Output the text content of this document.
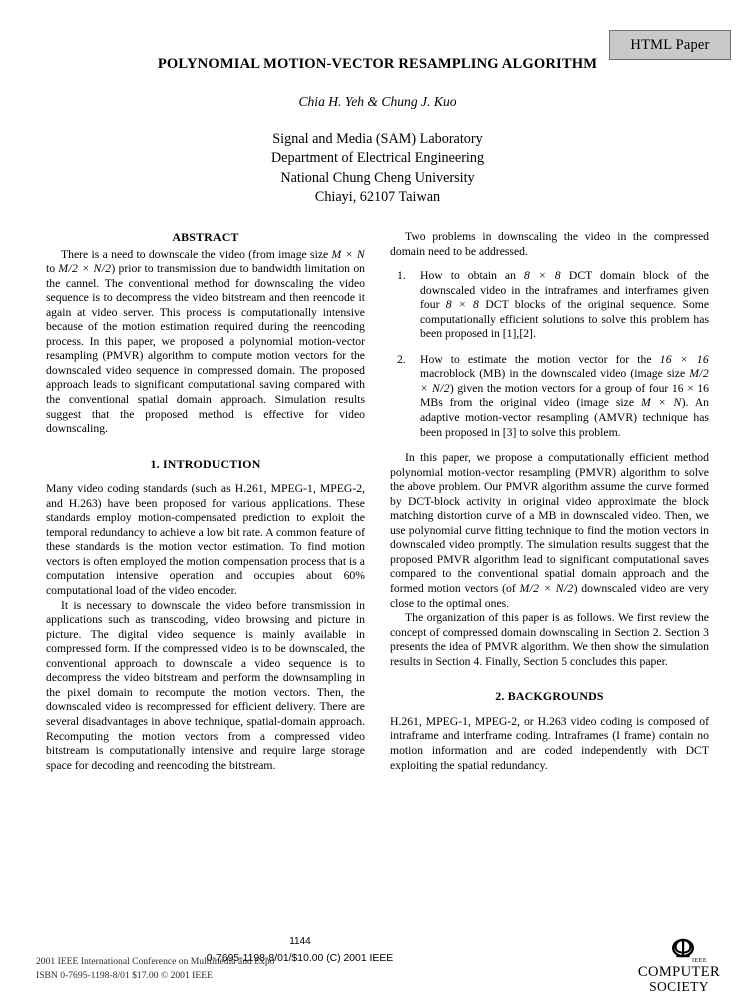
HTML Paper
POLYNOMIAL MOTION-VECTOR RESAMPLING ALGORITHM
Chia H. Yeh & Chung J. Kuo
Signal and Media (SAM) Laboratory
Department of Electrical Engineering
National Chung Cheng University
Chiayi, 62107 Taiwan
ABSTRACT

There is a need to downscale the video (from image size M × N to M/2 × N/2) prior to transmission due to bandwidth limitation on the cannel. The conventional method for downscaling the video sequence is to decompress the video bitstream and then reencode it again at video server. This process is computationally intensive because of the motion estimation required during the reencoding process. In this paper, we proposed a polynomial motion-vector resampling (PMVR) algorithm to compute motion vectors for the downscaled video sequence in compressed domain. The proposed approach leads to significant computational saving compared with the conventional spatial domain approach. Simulation results suggest that the proposed method is effective for video downscaling.

1. INTRODUCTION

Many video coding standards (such as H.261, MPEG-1, MPEG-2, and H.263) have been proposed for various applications. These standards employ motion-compensated prediction to exploit the temporal redundancy to achieve a low bit rate. A common feature of these standards is the motion vector estimation. To find motion vectors is often employed the motion compensation process that is a computation intensive operation and occupies about 60% computational load of the video encoder.

It is necessary to downscale the video before transmission in applications such as transcoding, video browsing and picture in picture. The digital video sequence is mainly available in compressed form. If the compressed video is to be downscaled, the conventional approach to downscale a video sequence is to decompress the video bitstream and perform the downsampling in the pixel domain to recompute the motion vectors. Then, the downscaled video is recompressed for efficient delivery. There are several disadvantages in above technique, spatial-domain approach. Recomputing the motion vectors from a compressed video bitstream is computationally intensive and require large storage space for decoding and reencoding the bitstream.

Two problems in downscaling the video in the compressed domain need to be addressed.

1. How to obtain an 8 × 8 DCT domain block of the downscaled video in the intraframes and interframes given four 8 × 8 DCT blocks of the original sequence. Some computationally efficient solutions to solve this problem has been proposed in [1],[2].
2. How to estimate the motion vector for the 16 × 16 macroblock (MB) in the downscaled video (image size M/2 × N/2) given the motion vectors for a group of four 16 × 16 MBs from the original video (image size M × N). An adaptive motion-vector resampling (AMVR) technique has been proposed in [3] to solve this problem.

In this paper, we propose a computationally efficient method polynomial motion-vector resampling (PMVR) algorithm to solve the above problem. Our PMVR algorithm assume the curve formed by DCT-block activity in original video approximate the block matching distortion curve of a MB in downscaled video. Then, we use polynomial curve fitting technique to find the motion vectors in downscaled video promptly. The simulation results suggest that the proposed PMVR algorithm lead to significant computational saves compared to the conventional spatial domain approach and the formed motion vectors (of M/2 × N/2) downscaled video are very close to the optimal ones.

The organization of this paper is as follows. We first review the concept of compressed domain downscaling in Section 2. Section 3 presents the idea of PMVR algorithm. We then show the simulation results in Section 4. Finally, Section 5 concludes this paper.

2. BACKGROUNDS

H.261, MPEG-1, MPEG-2, or H.263 video coding is composed of intraframe and interframe coding. Intraframes (I frame) contain no motion information and are coded independently with DCT exploiting the spatial redundancy.

1144
2001 IEEE International Conference on Multimedia and Expo
ISBN 0-7695-1198-8/01 $17.00 © 2001 IEEE
0-7695-1198-8/01/$10.00 (C) 2001 IEEE	IEEE
COMPUTER
SOCIETY
